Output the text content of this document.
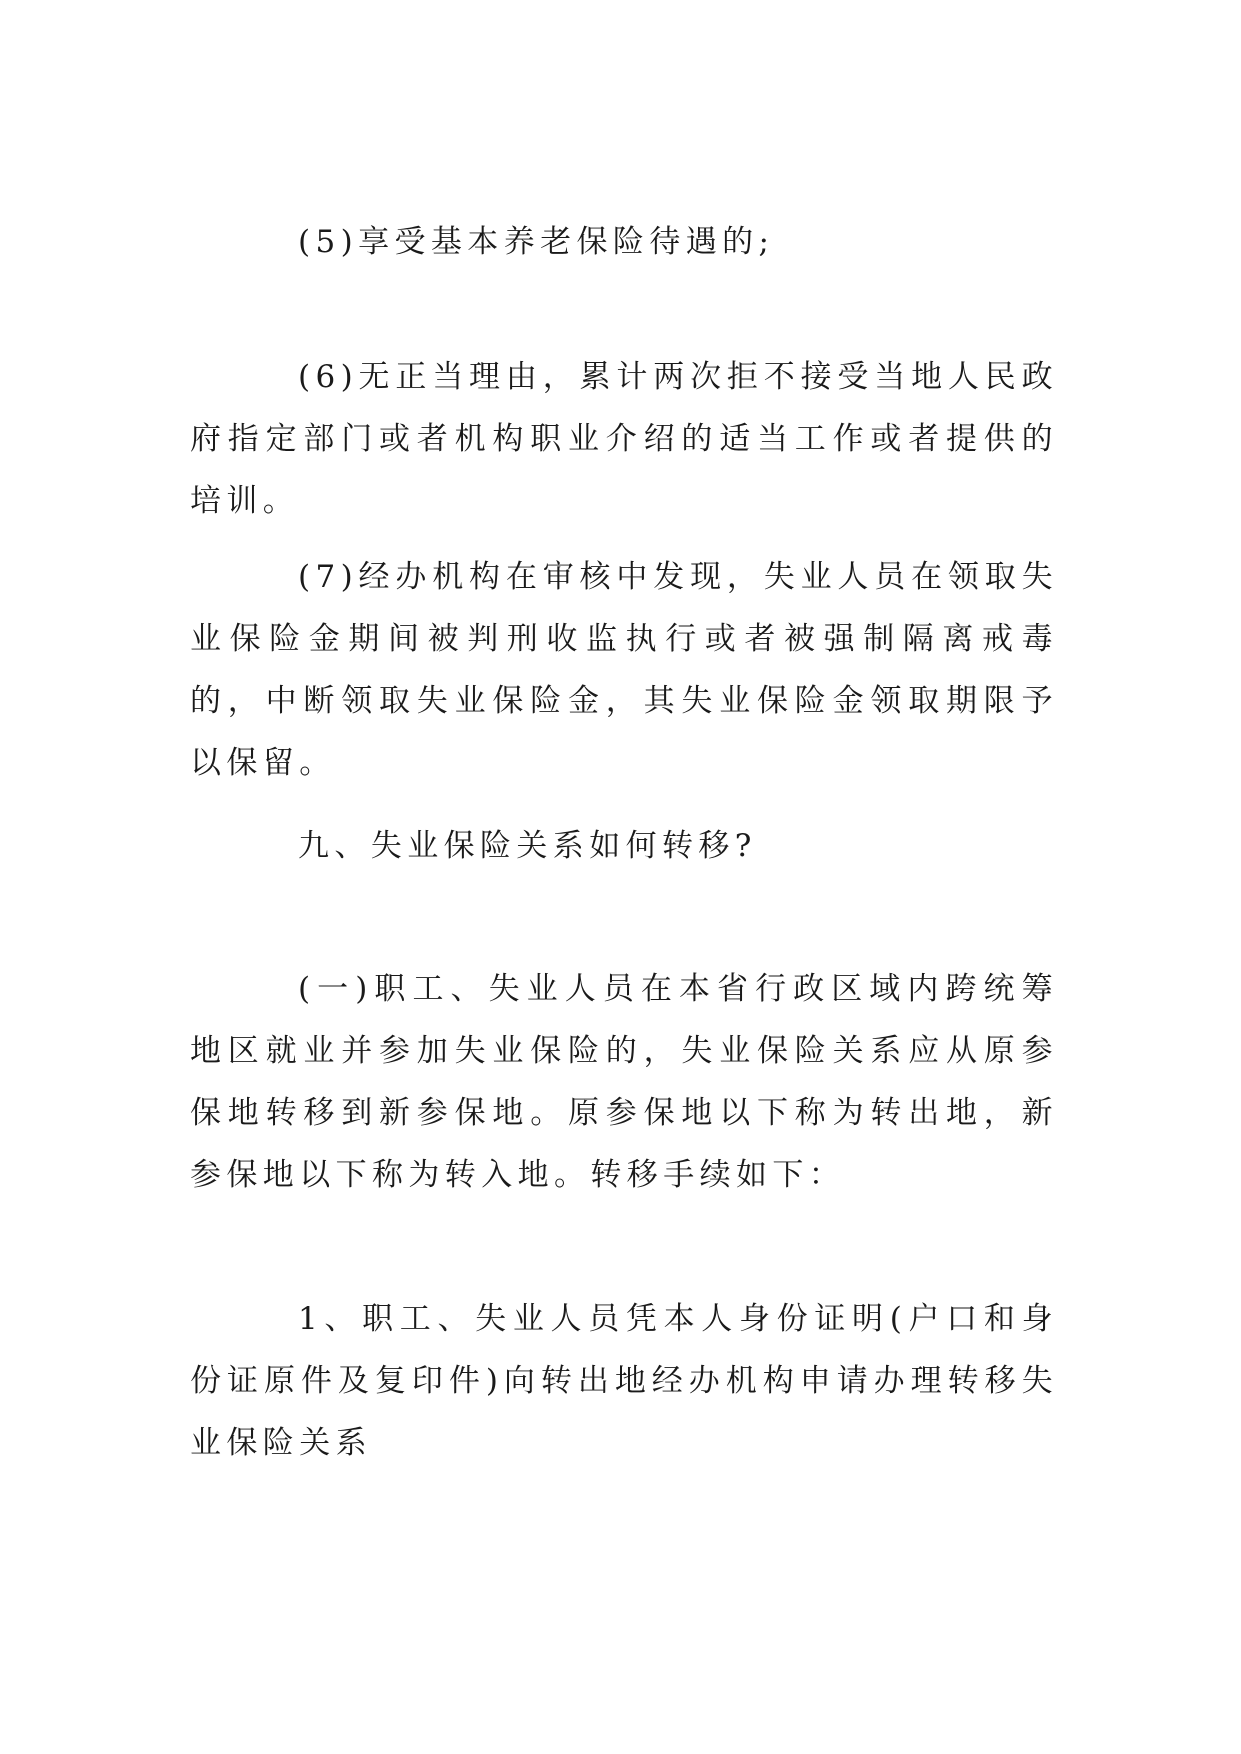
(5)享受基本养老保险待遇的;

(6)无正当理由，累计两次拒不接受当地人民政府指定部门或者机构职业介绍的适当工作或者提供的培训。

(7)经办机构在审核中发现，失业人员在领取失业保险金期间被判刑收监执行或者被强制隔离戒毒的，中断领取失业保险金，其失业保险金领取期限予以保留。

九、失业保险关系如何转移?

(一)职工、失业人员在本省行政区域内跨统筹地区就业并参加失业保险的，失业保险关系应从原参保地转移到新参保地。原参保地以下称为转出地，新参保地以下称为转入地。转移手续如下：

1、职工、失业人员凭本人身份证明(户口和身份证原件及复印件)向转出地经办机构申请办理转移失业保险关系
